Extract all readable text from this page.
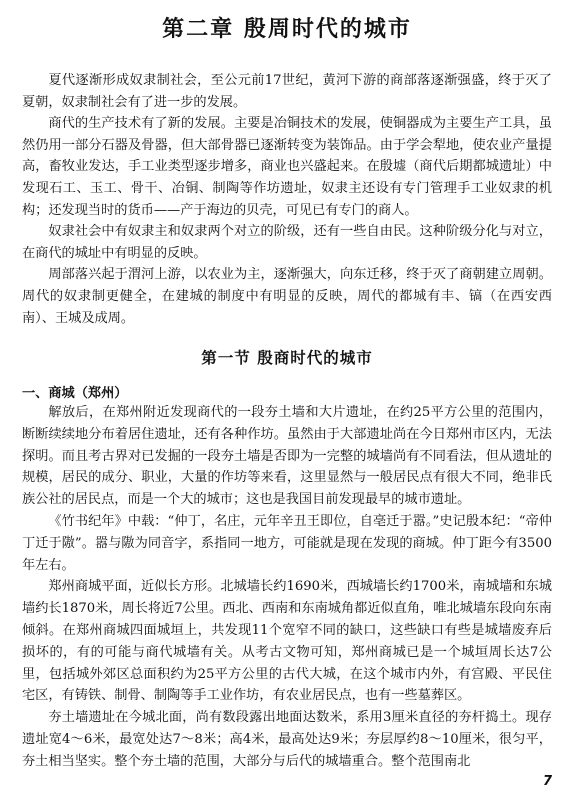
第二章 殷周时代的城市

夏代逐渐形成奴隶制社会，至公元前17世纪，黄河下游的商部落逐渐强盛，终于灭了夏朝，奴隶制社会有了进一步的发展。

商代的生产技术有了新的发展。主要是冶铜技术的发展，使铜器成为主要生产工具，虽然仍用一部分石器及骨器，但大部骨器已逐渐转变为装饰品。由于学会犁地，使农业产量提高，畜牧业发达，手工业类型逐步增多，商业也兴盛起来。在殷墟（商代后期都城遗址）中发现石工、玉工、骨干、冶铜、制陶等作坊遗址，奴隶主还设有专门管理手工业奴隶的机构；还发现当时的货币——产于海边的贝壳，可见已有专门的商人。

奴隶社会中有奴隶主和奴隶两个对立的阶级，还有一些自由民。这种阶级分化与对立，在商代的城址中有明显的反映。

周部落兴起于渭河上游，以农业为主，逐渐强大，向东迁移，终于灭了商朝建立周朝。周代的奴隶制更健全，在建城的制度中有明显的反映，周代的都城有丰、镐（在西安西南）、王城及成周。

第一节 殷商时代的城市
一、商城（郑州）

解放后，在郑州附近发现商代的一段夯土墙和大片遗址，在约25平方公里的范围内，断断续续地分布着居住遗址，还有各种作坊。虽然由于大部遗址尚在今日郑州市区内，无法探明。而且考古界对已发掘的一段夯土墙是否即为一完整的城墙尚有不同看法，但从遗址的规模，居民的成分、职业，大量的作坊等来看，这里显然与一般居民点有很大不同，绝非氏族公社的居民点，而是一个大的城市；这也是我国目前发现最早的城市遗址。

《竹书纪年》中载：“仲丁，名庄，元年辛丑王即位，自亳迁于嚣。”史记殷本纪：“帝仲丁迁于隞”。嚣与隞为同音字，系指同一地方，可能就是现在发现的商城。仲丁距今有3500年左右。

郑州商城平面，近似长方形。北城墙长约1690米，西城墙长约1700米，南城墙和东城墙约长1870米，周长将近7公里。西北、西南和东南城角都近似直角，唯北城墙东段向东南倾斜。在郑州商城四面城垣上，共发现11个宽窄不同的缺口，这些缺口有些是城墙废弃后损坏的，有的可能与商代城墙有关。从考古文物可知，郑州商城已是一个城垣周长达7公里，包括城外郊区总面积约为25平方公里的古代大城，在这个城市内外，有宫殿、平民住宅区，有铸铁、制骨、制陶等手工业作坊，有农业居民点，也有一些墓葬区。

夯土墙遗址在今城北面，尚有数段露出地面达数米，系用3厘米直径的夯杆捣土。现存遗址宽4～6米，最宽处达7～8米；高4米，最高处达9米；夯层厚约8～10厘米，很匀平，夯土相当坚实。整个夯土墙的范围，大部分与后代的城墙重合。整个范围南北

7
